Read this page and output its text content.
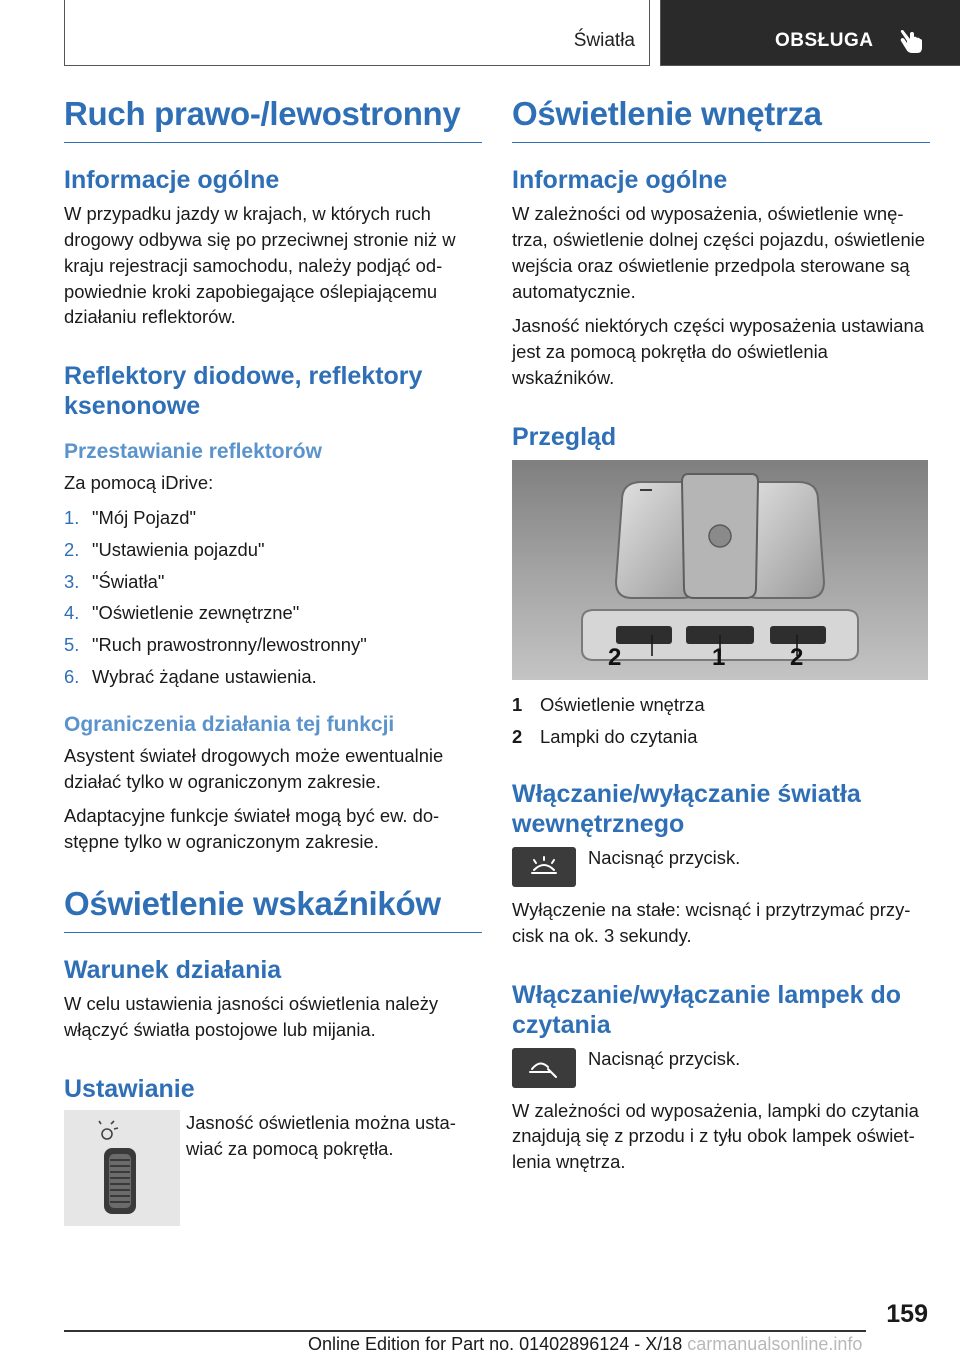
Światła	OBSŁUGA
Ruch prawo-/lewostronny
Informacje ogólne

W przypadku jazdy w krajach, w których ruch drogowy odbywa się po przeciwnej stronie niż w kraju rejestracji samochodu, należy podjąć odpowiednie kroki zapobiegające oślepiającemu działaniu reflektorów.

Reflektory diodowe, reflektory ksenonowe
Przestawianie reflektorów

Za pomocą iDrive:

1. "Mój Pojazd"
2. "Ustawienia pojazdu"
3. "Światła"
4. "Oświetlenie zewnętrzne"
5. "Ruch prawostronny/lewostronny"
6. Wybrać żądane ustawienia.
Ograniczenia działania tej funkcji

Asystent świateł drogowych może ewentualnie działać tylko w ograniczonym zakresie.

Adaptacyjne funkcje świateł mogą być ew. dostępne tylko w ograniczonym zakresie.

Oświetlenie wskaźników
Warunek działania

W celu ustawienia jasności oświetlenia należy włączyć światła postojowe lub mijania.

Ustawianie

Jasność oświetlenia można ustawiać za pomocą pokrętła.

Oświetlenie wnętrza
Informacje ogólne

W zależności od wyposażenia, oświetlenie wnętrza, oświetlenie dolnej części pojazdu, oświetlenie wejścia oraz oświetlenie przedpola sterowane są automatycznie.

Jasność niektórych części wyposażenia ustawiana jest za pomocą pokrętła do oświetlenia wskaźników.

Przegląd
2	1	2
1 Oświetlenie wnętrza
2 Lampki do czytania
Włączanie/wyłączanie światła wewnętrznego

Nacisnąć przycisk.

Wyłączenie na stałe: wcisnąć i przytrzymać przycisk na ok. 3 sekundy.

Włączanie/wyłączanie lampek do czytania

Nacisnąć przycisk.

W zależności od wyposażenia, lampki do czytania znajdują się z przodu i z tyłu obok lampek oświetlenia wnętrza.

159
Online Edition for Part no. 01402896124 - X/18 carmanualsonline.info
